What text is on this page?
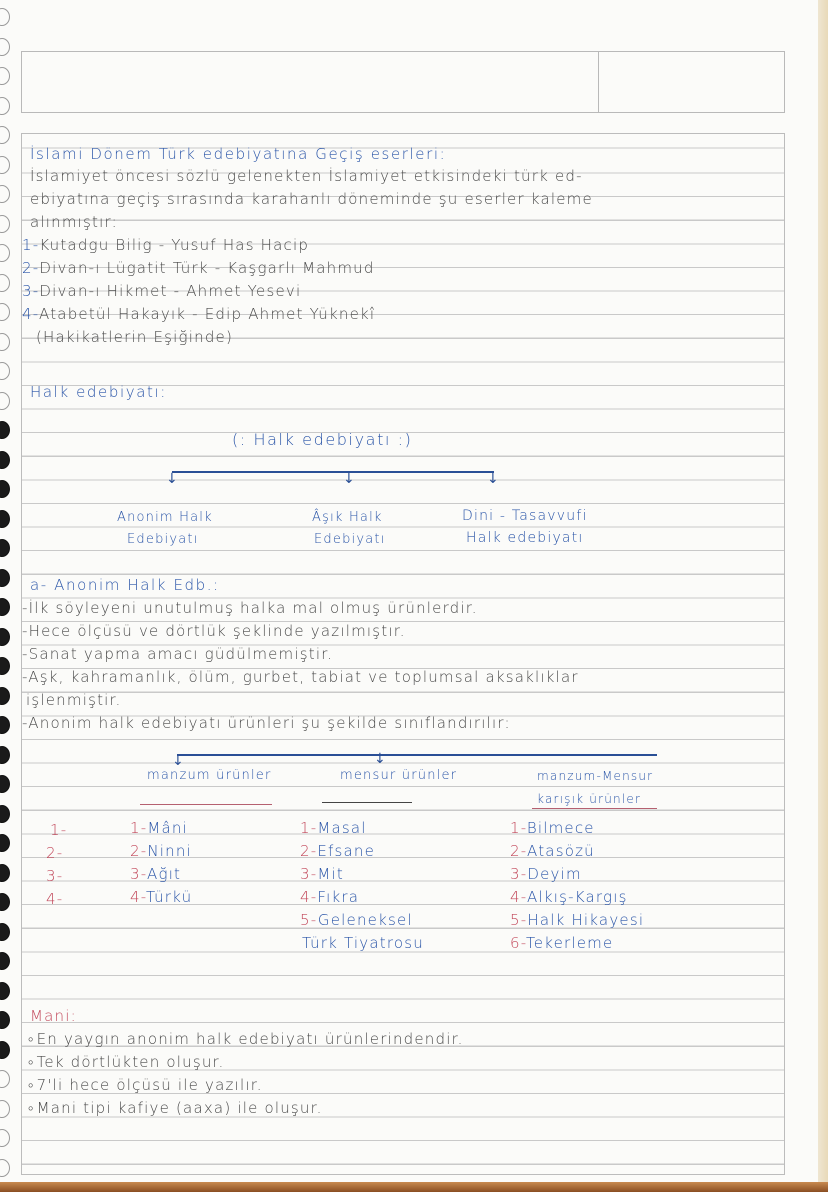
İslami Dönem Türk edebiyatına Geçiş eserleri:
İslamiyet öncesi sözlü gelenekten İslamiyet etkisindeki türk ed-
ebiyatına geçiş sırasında karahanlı döneminde şu eserler kaleme
alınmıştır:
1-Kutadgu Bilig - Yusuf Has Hacip
2-Divan-ı Lügatit Türk - Kaşgarlı Mahmud
3-Divan-ı Hikmet - Ahmet Yesevi
4-Atabetül Hakayık - Edip Ahmet Yüknekî
(Hakikatlerin Eşiğinde)
Halk edebiyatı:
(: Halk edebiyatı :)
↓	↓	↓
Anonim Halk
Edebiyatı
Âşık Halk
Edebiyatı
Dini - Tasavvufi
Halk edebiyatı
a- Anonim Halk Edb.:
-İlk söyleyeni unutulmuş halka mal olmuş ürünlerdir.
-Hece ölçüsü ve dörtlük şeklinde yazılmıştır.
-Sanat yapma amacı güdülmemiştir.
-Aşk, kahramanlık, ölüm, gurbet, tabiat ve toplumsal aksaklıklar
işlenmiştir.
-Anonim halk edebiyatı ürünleri şu şekilde sınıflandırılır:
↓	↓
manzum ürünler	mensur ürünler	manzum-Mensur
karışık ürünler
1-
2-
3-
4-
1-Mâni
2-Ninni
3-Ağıt
4-Türkü
1-Masal
2-Efsane
3-Mit
4-Fıkra
5-Geleneksel
Türk Tiyatrosu
1-Bilmece
2-Atasözü
3-Deyim
4-Alkış-Kargış
5-Halk Hikayesi
6-Tekerleme
Mani:
∘En yaygın anonim halk edebiyatı ürünlerindendir.
∘Tek dörtlükten oluşur.
∘7'li hece ölçüsü ile yazılır.
∘Mani tipi kafiye (aaxa) ile oluşur.
